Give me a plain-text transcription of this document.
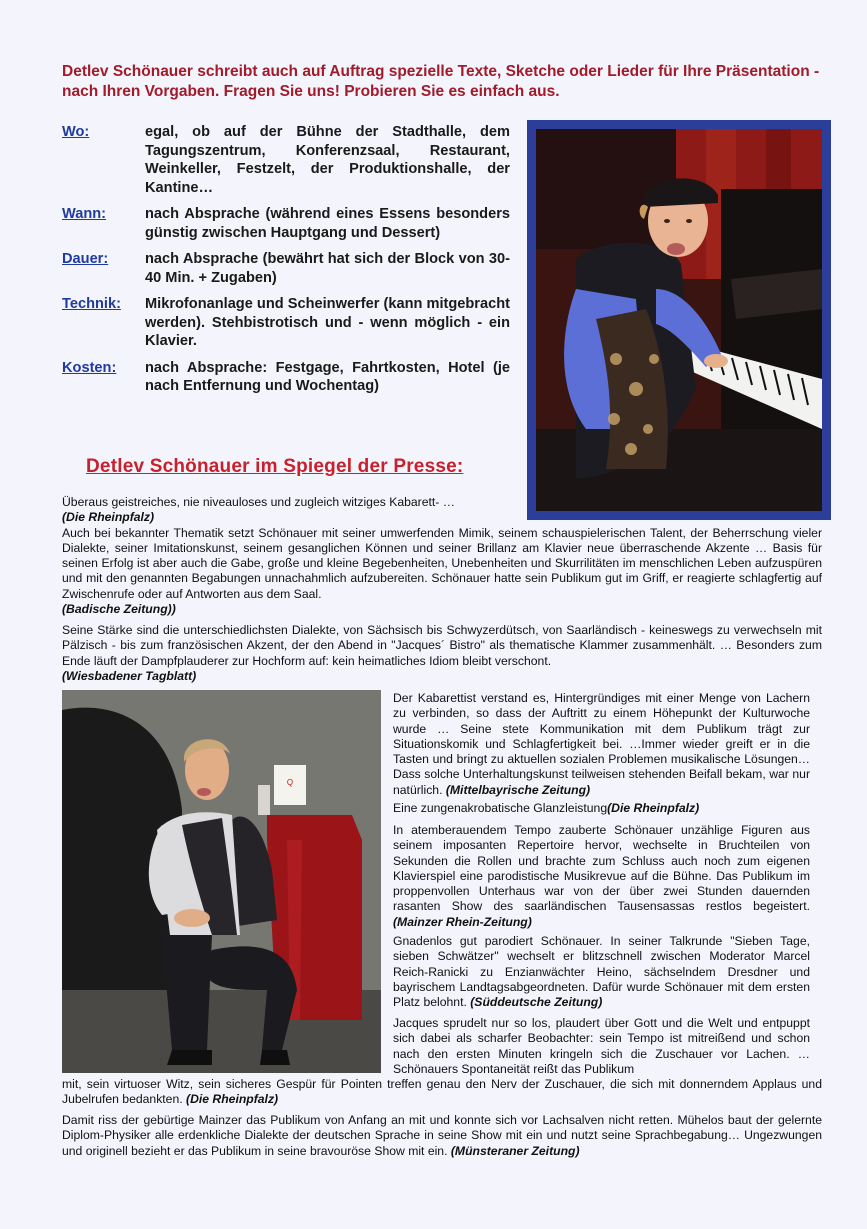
Detlev Schönauer schreibt auch auf Auftrag spezielle Texte, Sketche oder Lieder für Ihre Präsentation - nach Ihren Vorgaben. Fragen Sie uns! Probieren Sie es einfach aus.
Wo:	egal, ob auf der Bühne der Stadthalle, dem Tagungszentrum, Konferenzsaal, Restaurant, Weinkeller, Festzelt, der Produktionshalle, der Kantine…
Wann:	nach Absprache (während eines Essens besonders günstig zwischen Hauptgang und Dessert)
Dauer:	nach Absprache (bewährt hat sich der Block von 30-40 Min. + Zugaben)
Technik:	Mikrofonanlage und Scheinwerfer (kann mitgebracht werden). Stehbistrotisch und - wenn möglich - ein Klavier.
Kosten:	nach Absprache: Festgage, Fahrtkosten, Hotel (je nach Entfernung und Wochentag)
Detlev Schönauer im Spiegel der Presse:
Überaus geistreiches, nie niveauloses und zugleich witziges Kabarett- …
(Die Rheinpfalz)
Auch bei bekannter Thematik setzt Schönauer mit seiner umwerfenden Mimik, seinem schauspielerischen Talent, der Beherrschung vieler Dialekte, seiner Imitationskunst, seinem gesanglichen Können und seiner Brillanz am Klavier neue überraschende Akzente … Basis für seinen Erfolg ist aber auch die Gabe, große und kleine Begebenheiten, Unebenheiten und Skurrilitäten im menschlichen Leben aufzuspüren und mit den genannten Begabungen unnachahmlich aufzubereiten. Schönauer hatte sein Publikum gut im Griff, er reagierte schlagfertig auf Zwischenrufe oder auf Antworten aus dem Saal.
(Badische Zeitung))
Seine Stärke sind die unterschiedlichsten Dialekte, von Sächsisch bis Schwyzerdütsch, von Saarländisch - keineswegs zu verwechseln mit Pälzisch - bis zum französischen Akzent, der den Abend in "Jacques´ Bistro" als thematische Klammer zusammenhält. … Besonders zum Ende läuft der Dampfplauderer zur Hochform auf: kein heimatliches Idiom bleibt verschont.
(Wiesbadener Tagblatt)
Q
Der Kabarettist verstand es, Hintergründiges mit einer Menge von Lachern zu verbinden, so dass der Auftritt zu einem Höhepunkt der Kulturwoche wurde … Seine stete Kommunikation mit dem Publikum trägt zur Situationskomik und Schlagfertigkeit bei. …Immer wieder greift er in die Tasten und bringt zu aktuellen sozialen Problemen musikalische Lösungen… Dass solche Unterhaltungskunst teilweisen stehenden Beifall bekam, war nur natürlich. (Mittelbayrische Zeitung)
Eine zungenakrobatische Glanzleistung(Die Rheinpfalz)
In atemberauendem Tempo zauberte Schönauer unzählige Figuren aus seinem imposanten Repertoire hervor, wechselte in Bruchteilen von Sekunden die Rollen und brachte zum Schluss auch noch zum eigenen Klavierspiel eine parodistische Musikrevue auf die Bühne. Das Publikum im proppenvollen Unterhaus war von der über zwei Stunden dauernden rasanten Show des saarländischen Tausensassas restlos begeistert. (Mainzer Rhein-Zeitung)
Gnadenlos gut parodiert Schönauer. In seiner Talkrunde "Sieben Tage, sieben Schwätzer" wechselt er blitzschnell zwischen Moderator Marcel Reich-Ranicki zu Enzianwächter Heino, sächselndem Dresdner und bayrischem Landtagsabgeordneten. Dafür wurde Schönauer mit dem ersten Platz belohnt. (Süddeutsche Zeitung)
Jacques sprudelt nur so los, plaudert über Gott und die Welt und entpuppt sich dabei als scharfer Beobachter: sein Tempo ist mitreißend und schon nach den ersten Minuten kringeln sich die Zuschauer vor Lachen. …Schönauers Spontaneität reißt das Publikum
mit, sein virtuoser Witz, sein sicheres Gespür für Pointen treffen genau den Nerv der Zuschauer, die sich mit donnerndem Applaus und Jubelrufen bedankten. (Die Rheinpfalz)
Damit riss der gebürtige Mainzer das Publikum von Anfang an mit und konnte sich vor Lachsalven nicht retten. Mühelos baut der gelernte Diplom-Physiker alle erdenkliche Dialekte der deutschen Sprache in seine Show mit ein und nutzt seine Sprachbegabung… Ungezwungen und originell bezieht er das Publikum in seine bravouröse Show mit ein. (Münsteraner Zeitung)
